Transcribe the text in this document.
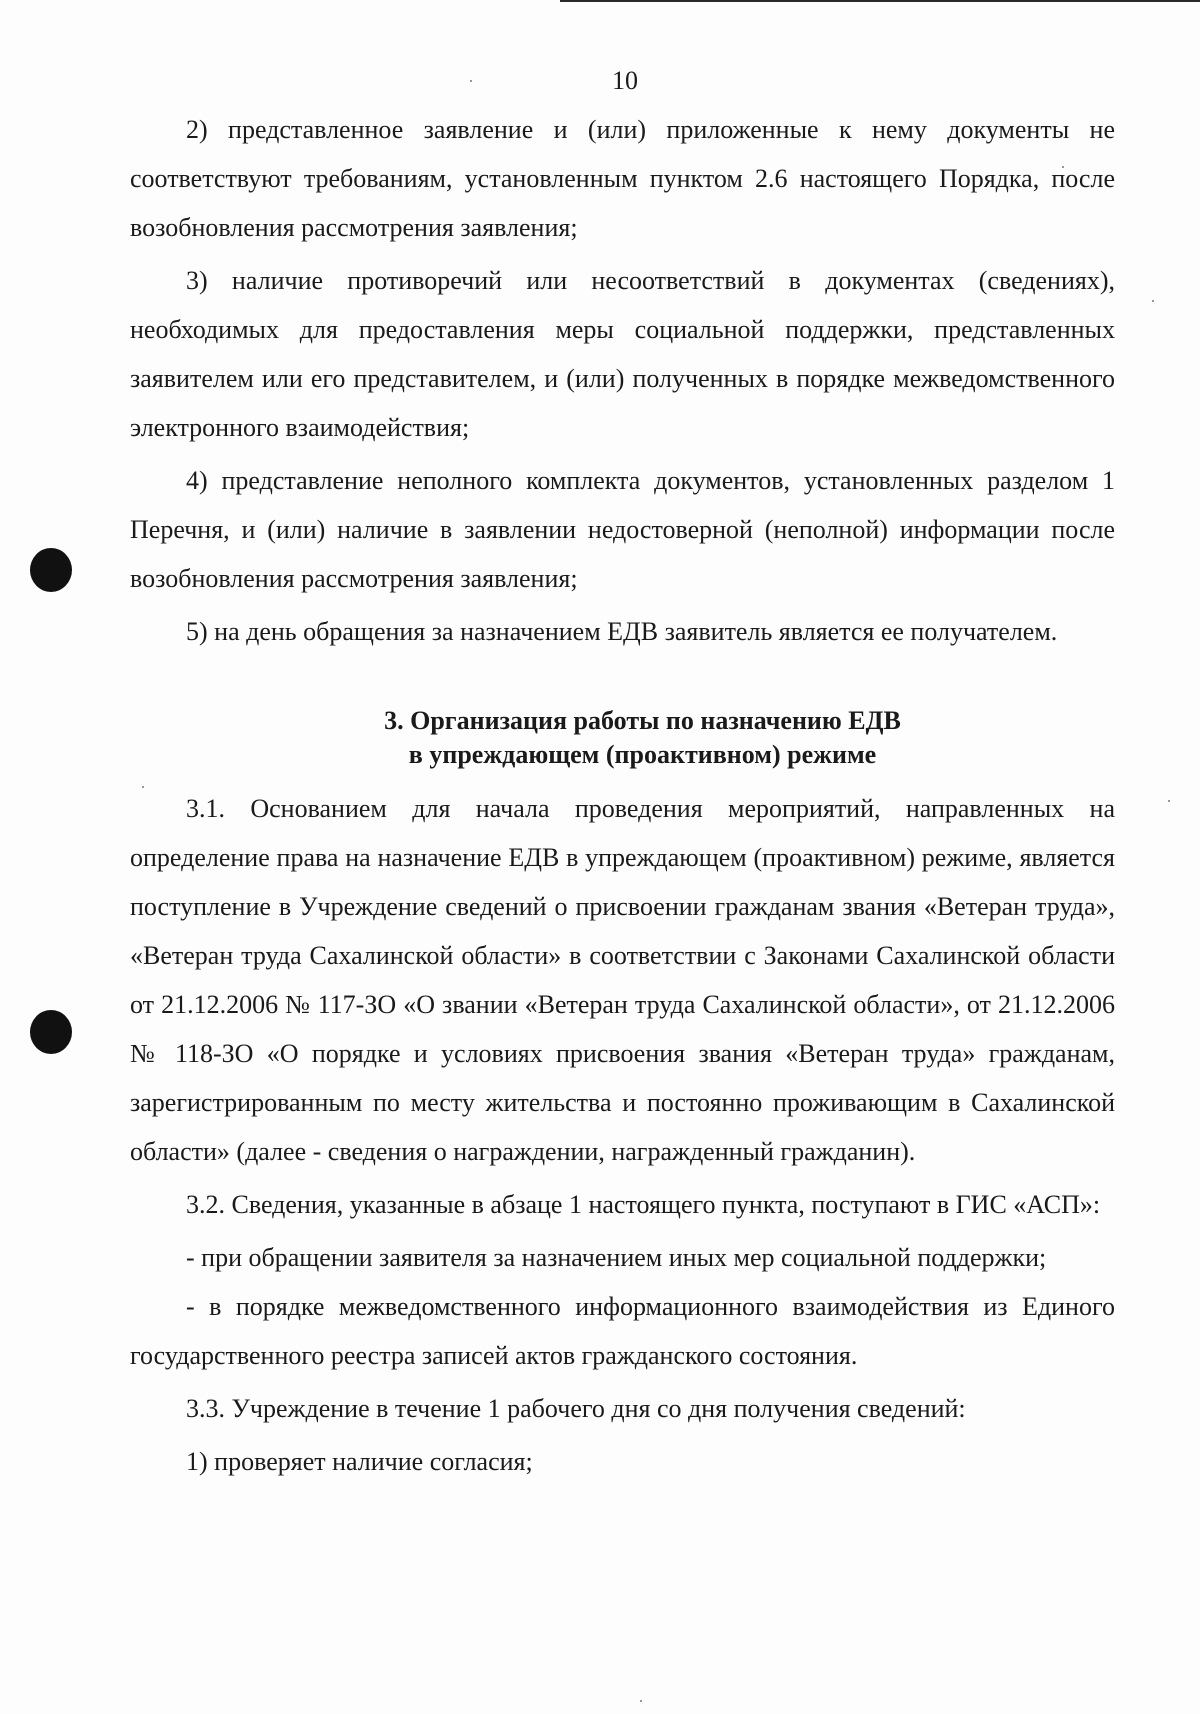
10

2) представленное заявление и (или) приложенные к нему документы не соответствуют требованиям, установленным пунктом 2.6 настоящего Порядка, после возобновления рассмотрения заявления;

3) наличие противоречий или несоответствий в документах (сведениях), необходимых для предоставления меры социальной поддержки, представленных заявителем или его представителем, и (или) полученных в порядке межведомственного электронного взаимодействия;

4) представление неполного комплекта документов, установленных разделом 1 Перечня, и (или) наличие в заявлении недостоверной (неполной) информации после возобновления рассмотрения заявления;

5) на день обращения за назначением ЕДВ заявитель является ее получателем.

3. Организация работы по назначению ЕДВ
в упреждающем (проактивном) режиме

3.1. Основанием для начала проведения мероприятий, направленных на определение права на назначение ЕДВ в упреждающем (проактивном) режиме, является поступление в Учреждение сведений о присвоении гражданам звания «Ветеран труда», «Ветеран труда Сахалинской области» в соответствии с Законами Сахалинской области от 21.12.2006 № 117-ЗО «О звании «Ветеран труда Сахалинской области», от 21.12.2006 № 118-ЗО «О порядке и условиях присвоения звания «Ветеран труда» гражданам, зарегистрированным по месту жительства и постоянно проживающим в Сахалинской области» (далее - сведения о награждении, награжденный гражданин).

3.2. Сведения, указанные в абзаце 1 настоящего пункта, поступают в ГИС «АСП»:

- при обращении заявителя за назначением иных мер социальной поддержки;

- в порядке межведомственного информационного взаимодействия из Единого государственного реестра записей актов гражданского состояния.

3.3. Учреждение в течение 1 рабочего дня со дня получения сведений:

1) проверяет наличие согласия;
